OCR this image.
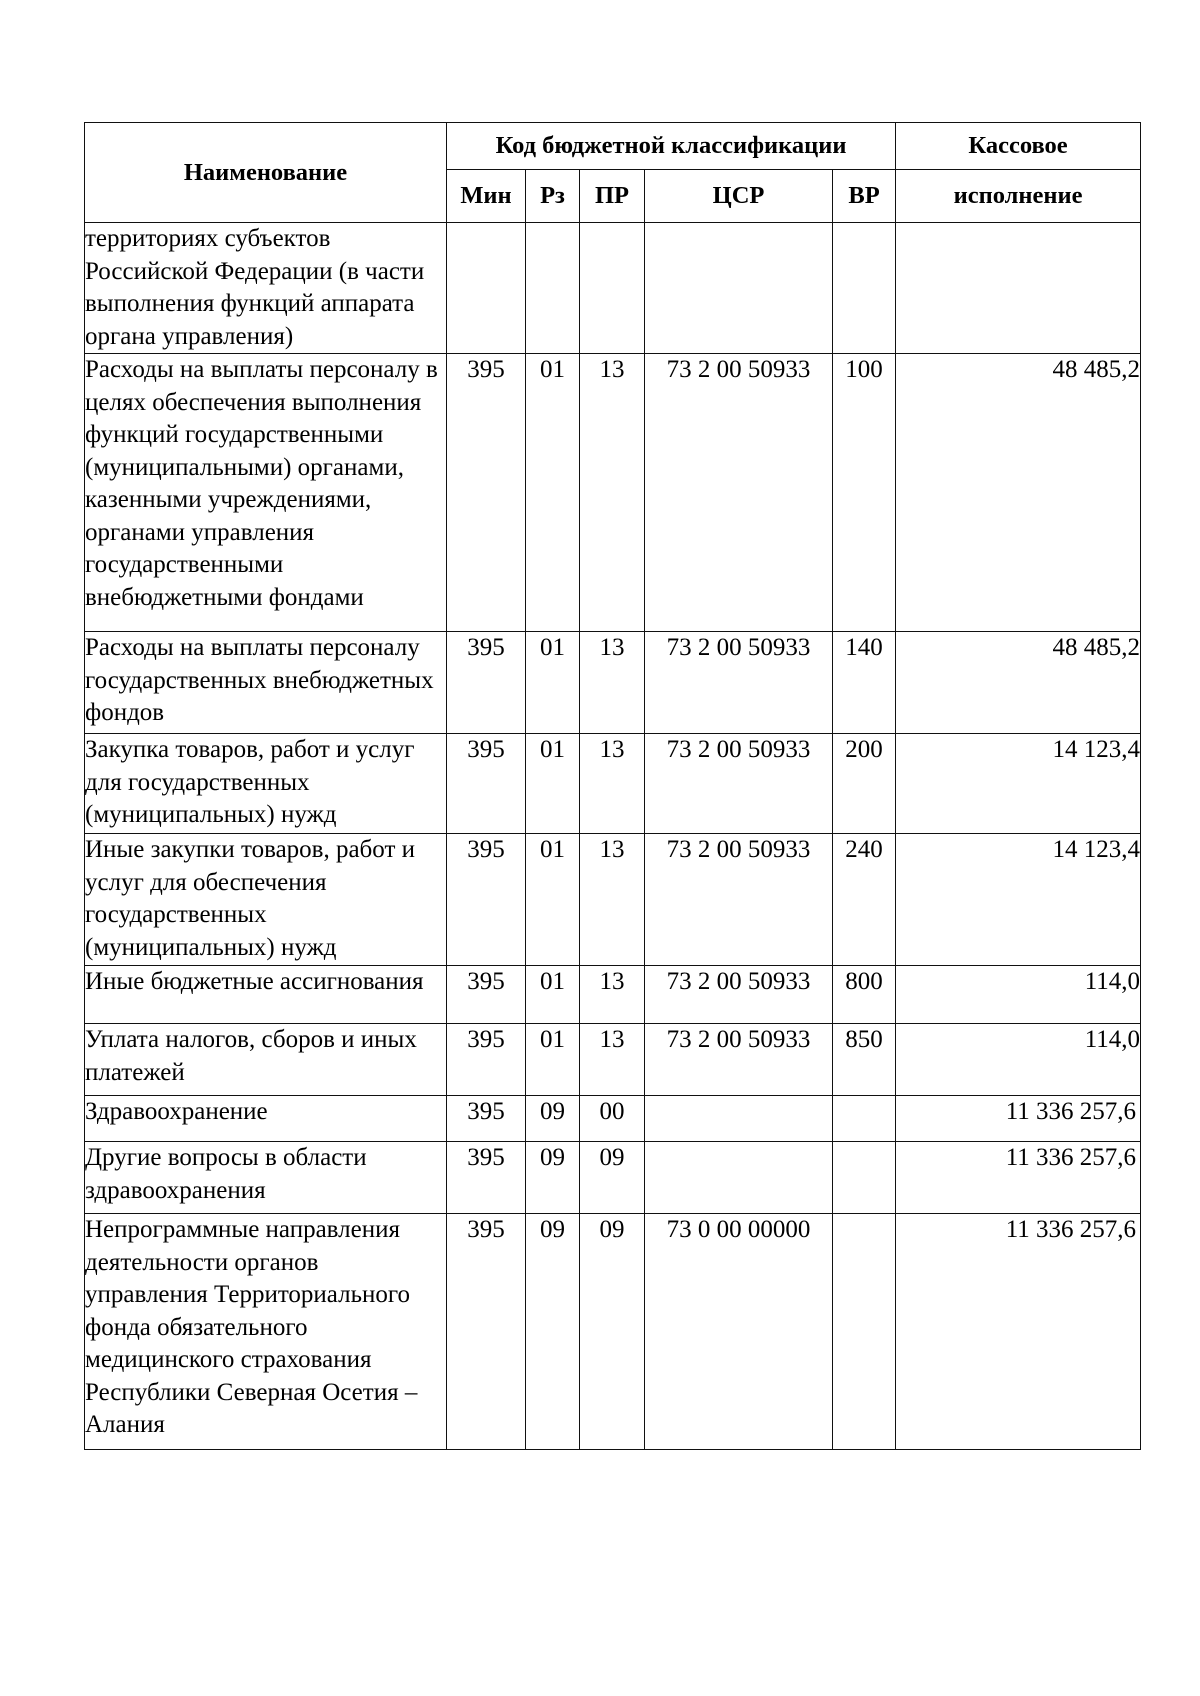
Наименование	Код бюджетной классификации					Кассовое
	Мин	Рз	ПР	ЦСР	ВР	исполнение
территориях субъектов Российской Федерации (в части выполнения функций аппарата органа управления)						
Расходы на выплаты персоналу в целях обеспечения выполнения функций государственными (муниципальными) органами, казенными учреждениями, органами управления государственными внебюджетными фондами	395	01	13	73 2 00 50933	100	48 485,2
Расходы на выплаты персоналу государственных внебюджетных фондов	395	01	13	73 2 00 50933	140	48 485,2
Закупка товаров, работ и услуг для государственных (муниципальных) нужд	395	01	13	73 2 00 50933	200	14 123,4
Иные закупки товаров, работ и услуг для обеспечения государственных (муниципальных) нужд	395	01	13	73 2 00 50933	240	14 123,4
Иные бюджетные ассигнования	395	01	13	73 2 00 50933	800	114,0
Уплата налогов, сборов и иных платежей	395	01	13	73 2 00 50933	850	114,0
Здравоохранение	395	09	00			11 336 257,6
Другие вопросы в области здравоохранения	395	09	09			11 336 257,6
Непрограммные направления деятельности органов управления Территориального фонда обязательного медицинского страхования Республики Северная Осетия – Алания	395	09	09	73 0 00 00000		11 336 257,6
